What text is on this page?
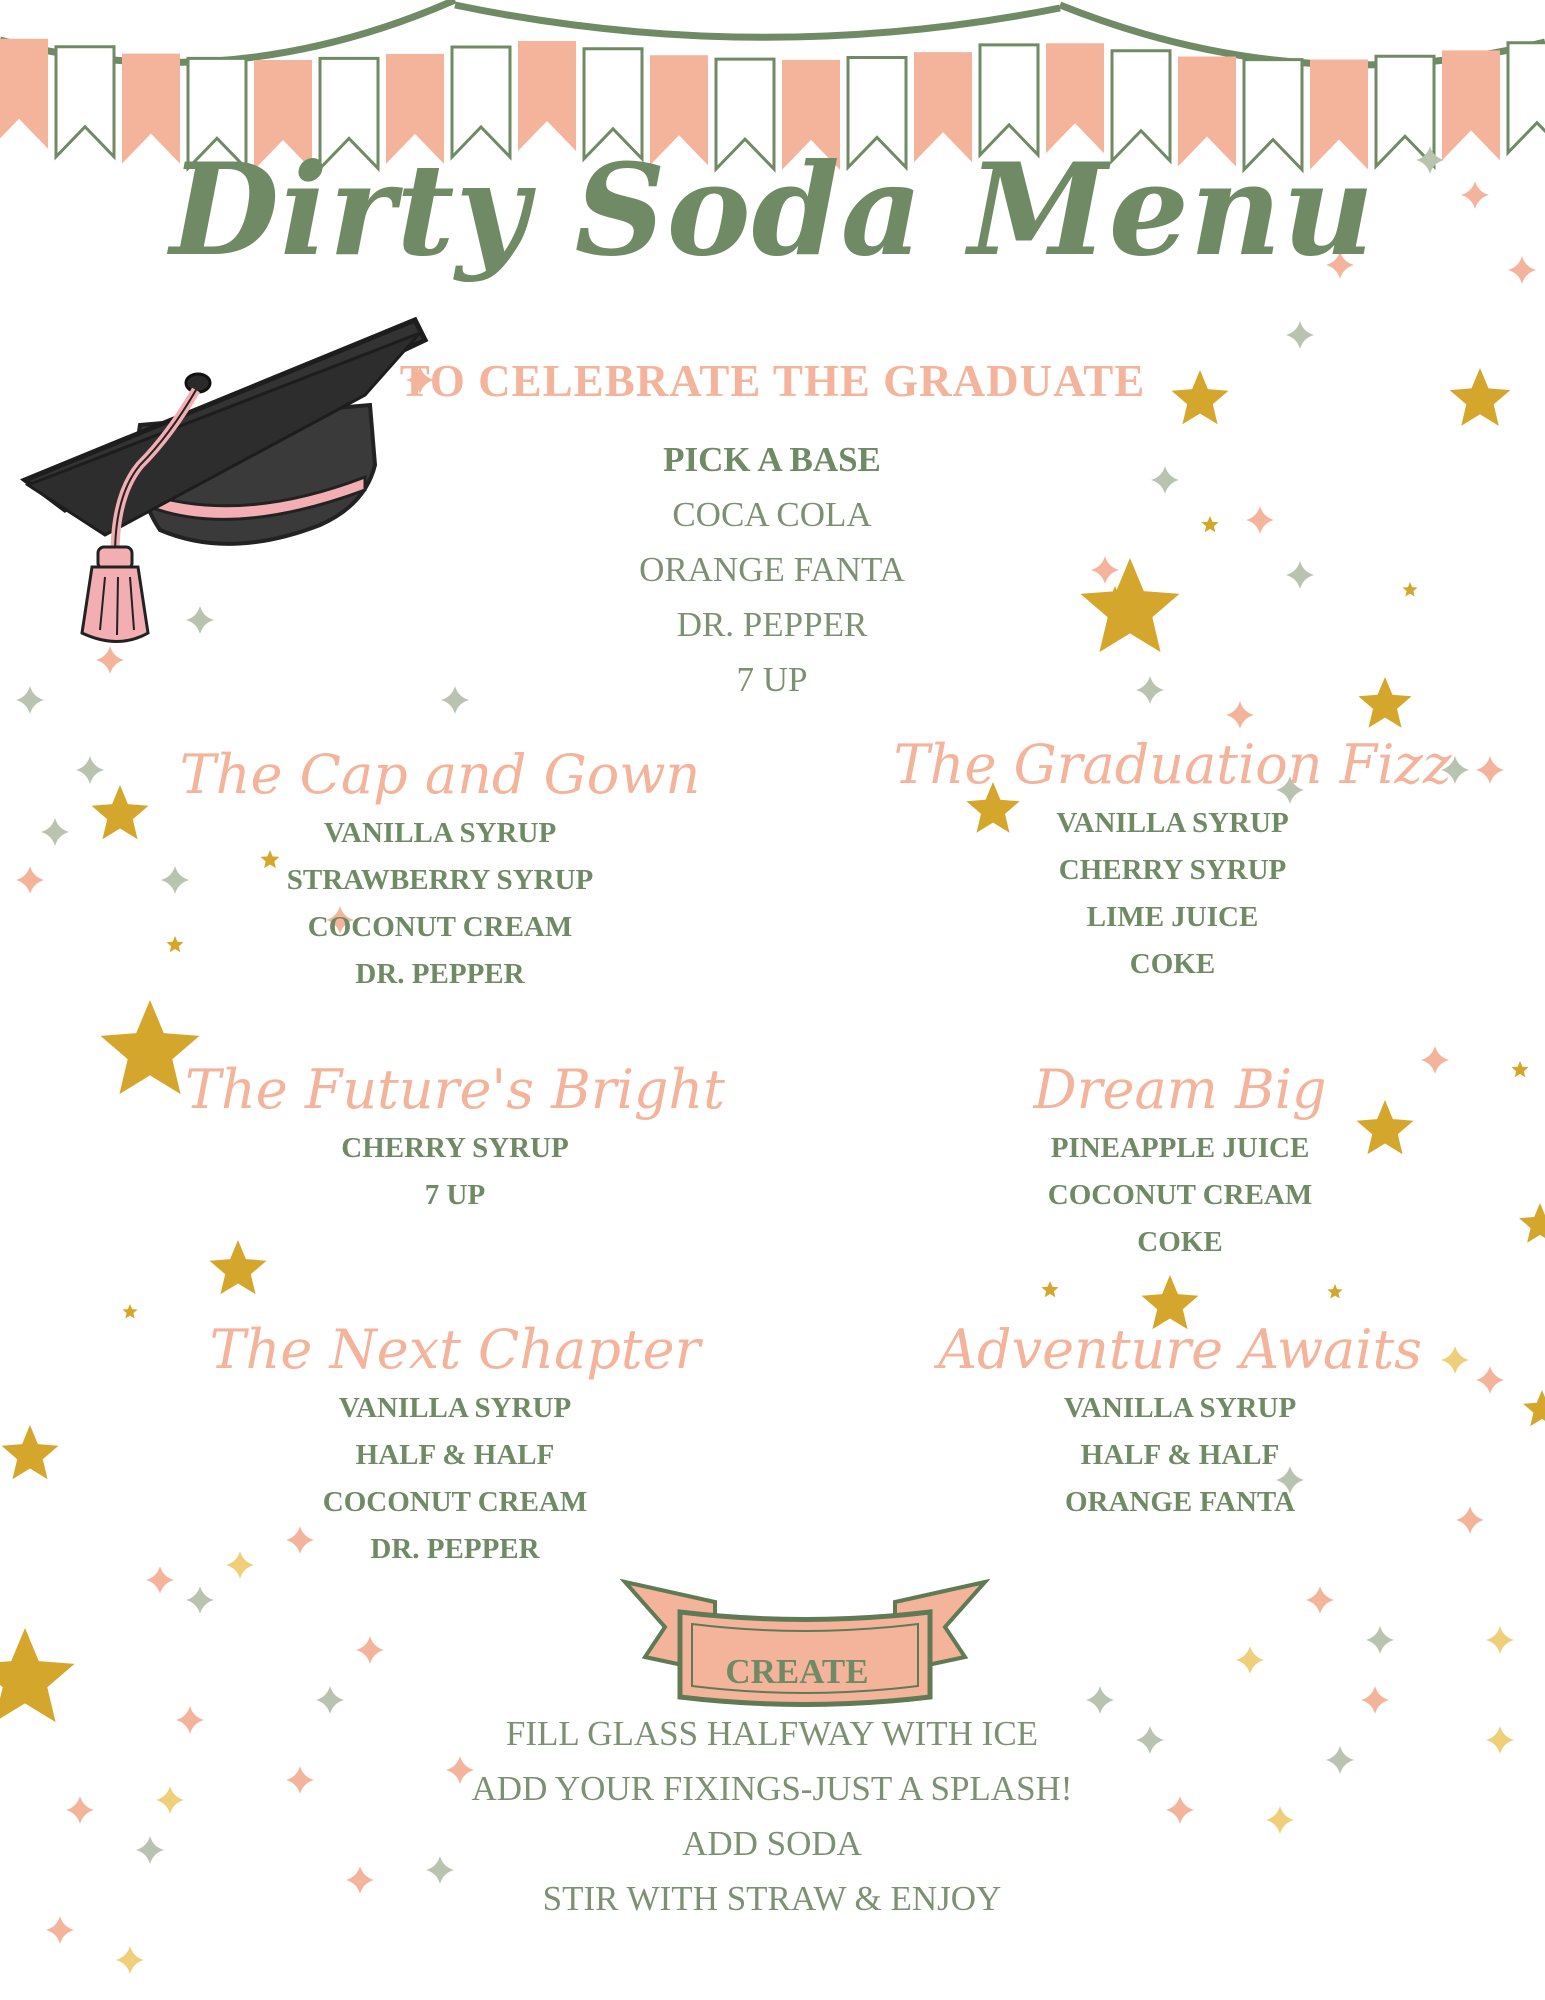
Dirty Soda Menu
TO CELEBRATE THE GRADUATE
PICK A BASE
COCA COLA
ORANGE FANTA
DR. PEPPER
7 UP
The Cap and Gown
VANILLA SYRUP
STRAWBERRY SYRUP
COCONUT CREAM
DR. PEPPER
The Graduation Fizz
VANILLA SYRUP
CHERRY SYRUP
LIME JUICE
COKE
The Future's Bright
CHERRY SYRUP
7 UP
Dream Big
PINEAPPLE JUICE
COCONUT CREAM
COKE
The Next Chapter
VANILLA SYRUP
HALF & HALF
COCONUT CREAM
DR. PEPPER
Adventure Awaits
VANILLA SYRUP
HALF & HALF
ORANGE FANTA
CREATE
FILL GLASS HALFWAY WITH ICE
ADD YOUR FIXINGS-JUST A SPLASH!
ADD SODA
STIR WITH STRAW & ENJOY
